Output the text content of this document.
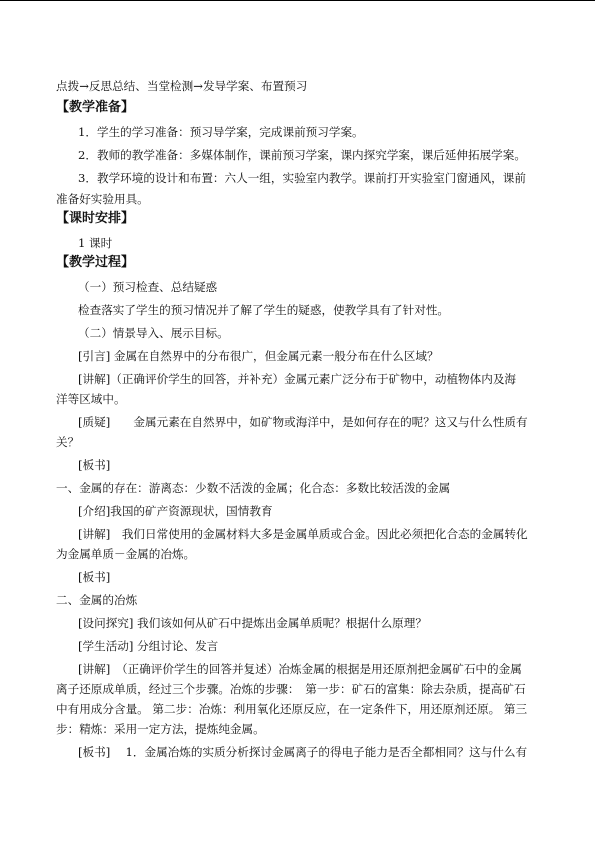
点拨→反思总结、当堂检测→发导学案、布置预习
【教学准备】
1．学生的学习准备：预习导学案，完成课前预习学案。
2．教师的教学准备：多媒体制作，课前预习学案，课内探究学案，课后延伸拓展学案。
3．教学环境的设计和布置：六人一组，实验室内教学。课前打开实验室门窗通风，课前
准备好实验用具。
【课时安排】
1 课时
【教学过程】
（一）预习检查、总结疑惑
检查落实了学生的预习情况并了解了学生的疑惑，使教学具有了针对性。
（二）情景导入、展示目标。
[引言] 金属在自然界中的分布很广，但金属元素一般分布在什么区域？
[讲解]（正确评价学生的回答，并补充）金属元素广泛分布于矿物中，动植物体内及海
洋等区域中。
[质疑]　　金属元素在自然界中，如矿物或海洋中，是如何存在的呢？这又与什么性质有
关？
[板书]
一、金属的存在：游离态：少数不活泼的金属；化合态：多数比较活泼的金属
[介绍]我国的矿产资源现状，国情教育
[讲解]　我们日常使用的金属材料大多是金属单质或合金。因此必须把化合态的金属转化
为金属单质－金属的冶炼。
[板书]
二、金属的冶炼
[设问探究] 我们该如何从矿石中提炼出金属单质呢？根据什么原理？
[学生活动] 分组讨论、发言
[讲解]　（正确评价学生的回答并复述）冶炼金属的根据是用还原剂把金属矿石中的金属
离子还原成单质，经过三个步骤。冶炼的步骤：　第一步：矿石的富集：除去杂质，提高矿石
中有用成分含量。 第二步：冶炼：利用氧化还原反应，在一定条件下，用还原剂还原。 第三
步：精炼：采用一定方法，提炼纯金属。
[板书]　 1．金属冶炼的实质分析探讨金属离子的得电子能力是否全都相同？这与什么有
